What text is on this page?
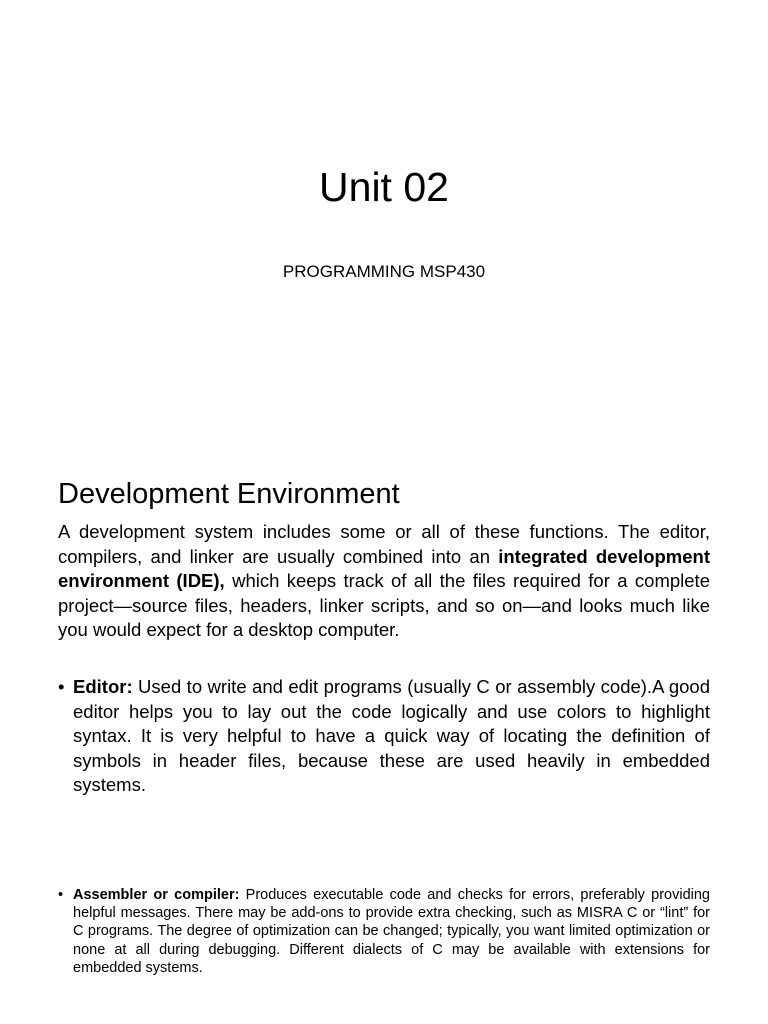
Unit 02

PROGRAMMING MSP430

Development Environment

A development system includes some or all of these functions. The editor, compilers, and linker are usually combined into an integrated development environment (IDE), which keeps track of all the files required for a complete project—source files, headers, linker scripts, and so on—and looks much like you would expect for a desktop computer.

• Editor: Used to write and edit programs (usually C or assembly code).A good editor helps you to lay out the code logically and use colors to highlight syntax. It is very helpful to have a quick way of locating the definition of symbols in header files, because these are used heavily in embedded systems.

• Assembler or compiler: Produces executable code and checks for errors, preferably providing helpful messages. There may be add-ons to provide extra checking, such as MISRA C or “lint” for C programs. The degree of optimization can be changed; typically, you want limited optimization or none at all during debugging. Different dialects of C may be available with extensions for embedded systems.
